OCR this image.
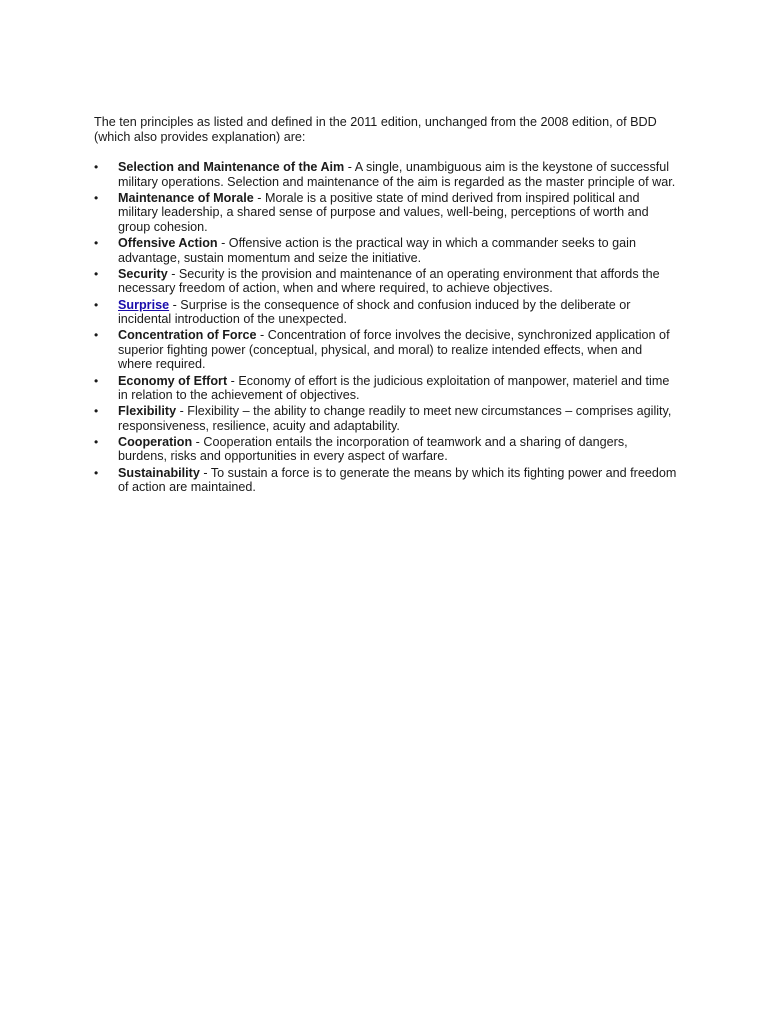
The ten principles as listed and defined in the 2011 edition, unchanged from the 2008 edition, of BDD (which also provides explanation) are:

• Selection and Maintenance of the Aim - A single, unambiguous aim is the keystone of successful military operations. Selection and maintenance of the aim is regarded as the master principle of war.
• Maintenance of Morale - Morale is a positive state of mind derived from inspired political and military leadership, a shared sense of purpose and values, well-being, perceptions of worth and group cohesion.
• Offensive Action - Offensive action is the practical way in which a commander seeks to gain advantage, sustain momentum and seize the initiative.
• Security - Security is the provision and maintenance of an operating environment that affords the necessary freedom of action, when and where required, to achieve objectives.
• Surprise - Surprise is the consequence of shock and confusion induced by the deliberate or incidental introduction of the unexpected.
• Concentration of Force - Concentration of force involves the decisive, synchronized application of superior fighting power (conceptual, physical, and moral) to realize intended effects, when and where required.
• Economy of Effort - Economy of effort is the judicious exploitation of manpower, materiel and time in relation to the achievement of objectives.
• Flexibility - Flexibility – the ability to change readily to meet new circumstances – comprises agility, responsiveness, resilience, acuity and adaptability.
• Cooperation - Cooperation entails the incorporation of teamwork and a sharing of dangers, burdens, risks and opportunities in every aspect of warfare.
• Sustainability - To sustain a force is to generate the means by which its fighting power and freedom of action are maintained.
